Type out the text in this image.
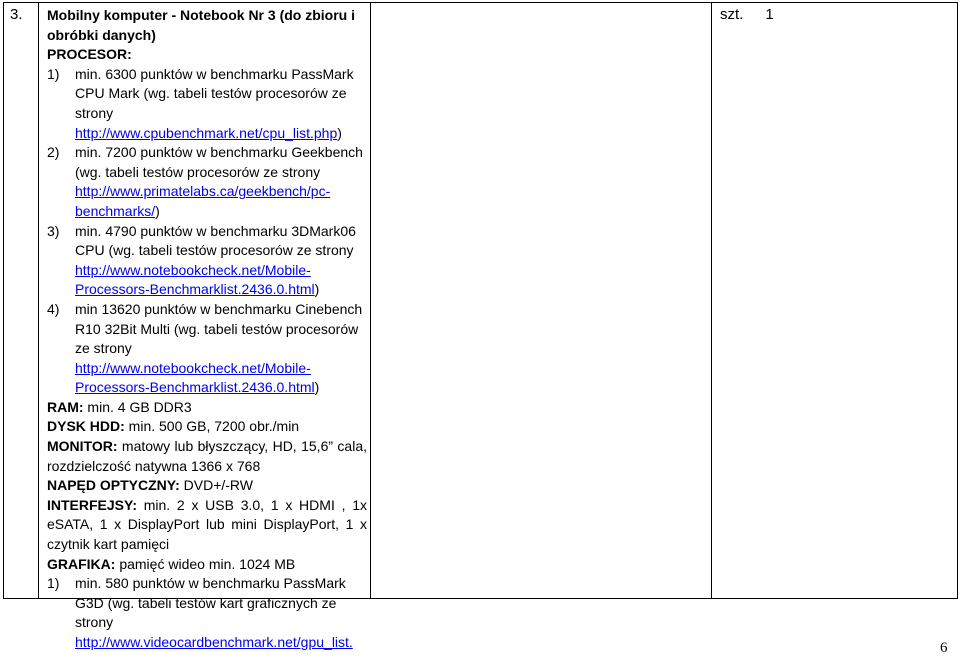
3. Mobilny komputer - Notebook Nr 3 (do zbioru i
obróbki danych)
PROCESOR:
1) min. 6300 punktów w benchmarku PassMark
CPU Mark (wg. tabeli testów procesorów ze
strony
http://www.cpubenchmark.net/cpu_list.php)
2) min. 7200 punktów w benchmarku Geekbench
(wg. tabeli testów procesorów ze strony
http://www.primatelabs.ca/geekbench/pc-
benchmarks/)
3) min. 4790 punktów w benchmarku 3DMark06
CPU (wg. tabeli testów procesorów ze strony
http://www.notebookcheck.net/Mobile-
Processors-Benchmarklist.2436.0.html)
4) min 13620 punktów w benchmarku Cinebench
R10 32Bit Multi (wg. tabeli testów procesorów
ze strony
http://www.notebookcheck.net/Mobile-
Processors-Benchmarklist.2436.0.html)
RAM: min. 4 GB DDR3
DYSK HDD: min. 500 GB, 7200 obr./min
MONITOR: matowy lub błyszczący, HD, 15,6” cala, rozdzielczość natywna 1366 x 768
NAPĘD OPTYCZNY: DVD+/-RW
INTERFEJSY: min. 2 x USB 3.0, 1 x HDMI , 1x eSATA, 1 x DisplayPort lub mini DisplayPort, 1 x czytnik kart pamięci
GRAFIKA: pamięć wideo min. 1024 MB
1) min. 580 punktów w benchmarku PassMark
G3D (wg. tabeli testów kart graficznych ze
strony
http://www.videocardbenchmark.net/gpu_list.
szt. 1
6
